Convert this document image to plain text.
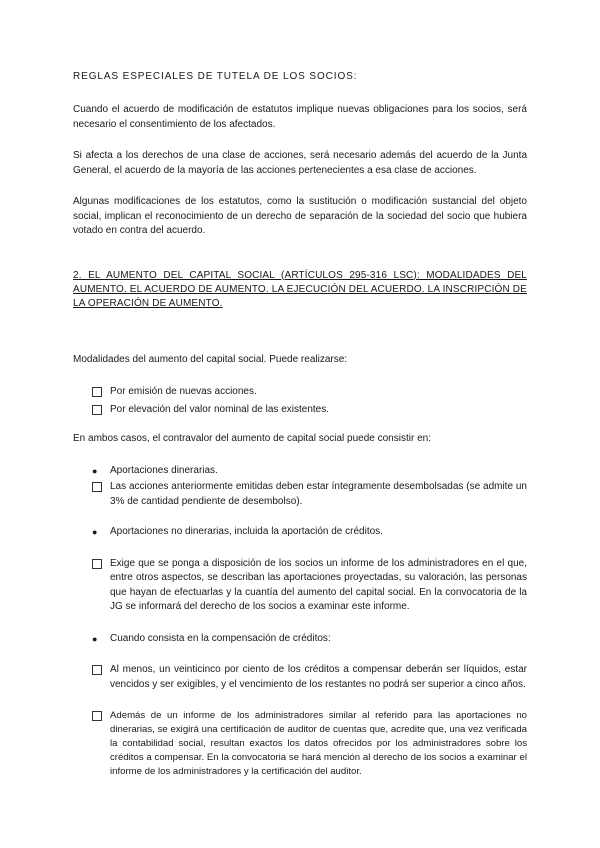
REGLAS ESPECIALES DE TUTELA DE LOS SOCIOS:

Cuando el acuerdo de modificación de estatutos implique nuevas obligaciones para los socios, será necesario el consentimiento de los afectados.

Si afecta a los derechos de una clase de acciones, será necesario además del acuerdo de la Junta General, el acuerdo de la mayoría de las acciones pertenecientes a esa clase de acciones.

Algunas modificaciones de los estatutos, como la sustitución o modificación sustancial del objeto social, implican el reconocimiento de un derecho de separación de la sociedad del socio que hubiera votado en contra del acuerdo.

2. EL AUMENTO DEL CAPITAL SOCIAL (ARTÍCULOS 295-316 LSC): MODALIDADES DEL AUMENTO. EL ACUERDO DE AUMENTO. LA EJECUCIÓN DEL ACUERDO. LA INSCRIPCIÓN DE LA OPERACIÓN DE AUMENTO.

Modalidades del aumento del capital social. Puede realizarse:

Por emisión de nuevas acciones.
Por elevación del valor nominal de las existentes.

En ambos casos, el contravalor del aumento de capital social puede consistir en:

●	Aportaciones dinerarias.
Las acciones anteriormente emitidas deben estar íntegramente desembolsadas (se admite un 3% de cantidad pendiente de desembolso).
●	Aportaciones no dinerarias, incluida la aportación de créditos.
Exige que se ponga a disposición de los socios un informe de los administradores en el que, entre otros aspectos, se describan las aportaciones proyectadas, su valoración, las personas que hayan de efectuarlas y la cuantía del aumento del capital social. En la convocatoria de la JG se informará del derecho de los socios a examinar este informe.
●	Cuando consista en la compensación de créditos:
Al menos, un veinticinco por ciento de los créditos a compensar deberán ser líquidos, estar vencidos y ser exigibles, y el vencimiento de los restantes no podrá ser superior a cinco años.
Además de un informe de los administradores similar al referido para las aportaciones no dinerarias, se exigirá una certificación de auditor de cuentas que, acredite que, una vez verificada la contabilidad social, resultan exactos los datos ofrecidos por los administradores sobre los créditos a compensar. En la convocatoria se hará mención al derecho de los socios a examinar el informe de los administradores y la certificación del auditor.
